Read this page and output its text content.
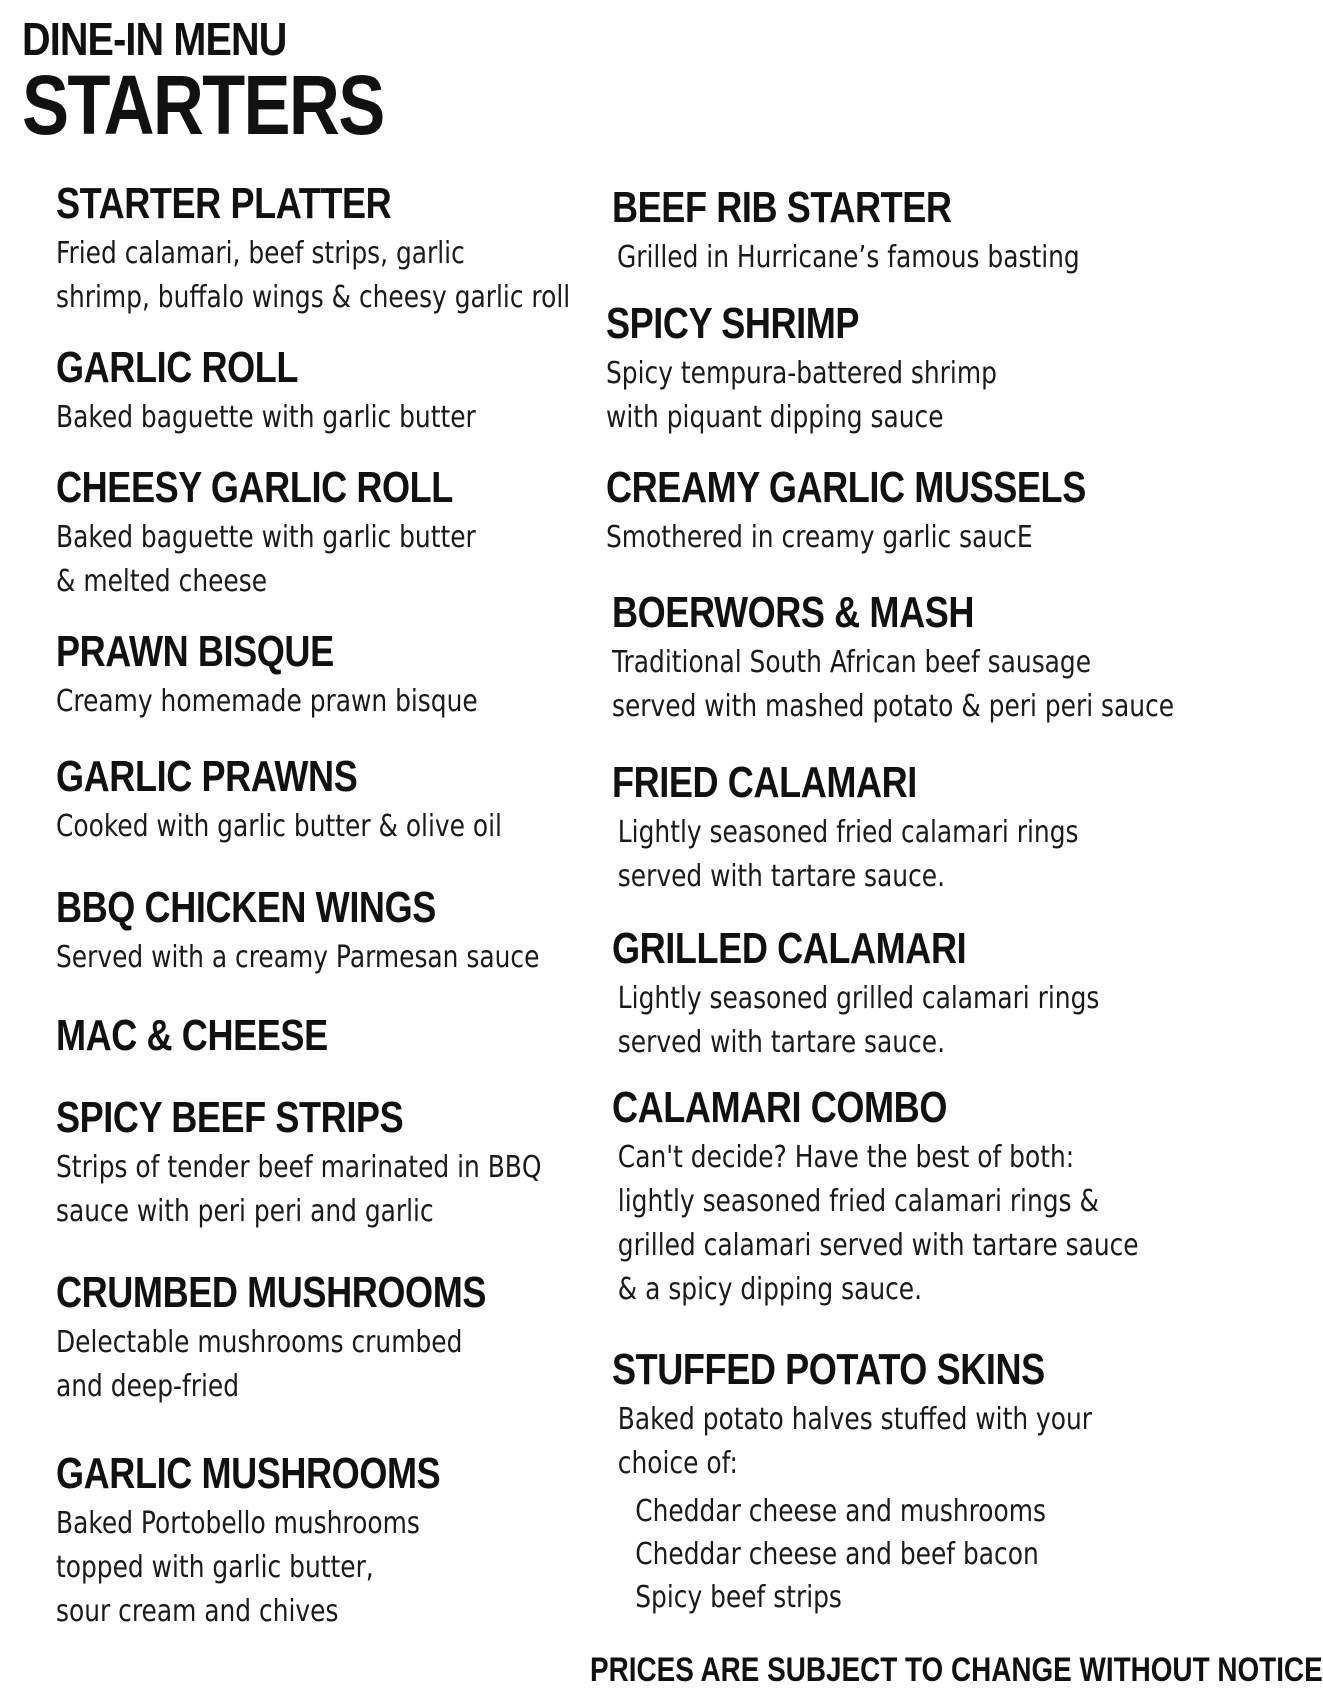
DINE-IN MENU
STARTERS
STARTER PLATTER
Fried calamari, beef strips, garlic
shrimp, buffalo wings & cheesy garlic roll
GARLIC ROLL
Baked baguette with garlic butter
CHEESY GARLIC ROLL
Baked baguette with garlic butter
& melted cheese
PRAWN BISQUE
Creamy homemade prawn bisque
GARLIC PRAWNS
Cooked with garlic butter & olive oil
BBQ CHICKEN WINGS
Served with a creamy Parmesan sauce
MAC & CHEESE
SPICY BEEF STRIPS
Strips of tender beef marinated in BBQ
sauce with peri peri and garlic
CRUMBED MUSHROOMS
Delectable mushrooms crumbed
and deep-fried
GARLIC MUSHROOMS
Baked Portobello mushrooms
topped with garlic butter,
sour cream and chives
BEEF RIB STARTER
Grilled in Hurricane’s famous basting
SPICY SHRIMP
Spicy tempura-battered shrimp
with piquant dipping sauce
CREAMY GARLIC MUSSELS
Smothered in creamy garlic saucE
BOERWORS & MASH
Traditional South African beef sausage
served with mashed potato & peri peri sauce
FRIED CALAMARI
Lightly seasoned fried calamari rings
served with tartare sauce.
GRILLED CALAMARI
Lightly seasoned grilled calamari rings
served with tartare sauce.
CALAMARI COMBO
Can't decide? Have the best of both:
lightly seasoned fried calamari rings &
grilled calamari served with tartare sauce
& a spicy dipping sauce.
STUFFED POTATO SKINS
Baked potato halves stuffed with your
choice of:
Cheddar cheese and mushrooms
Cheddar cheese and beef bacon
Spicy beef strips
PRICES ARE SUBJECT TO CHANGE WITHOUT NOTICE
